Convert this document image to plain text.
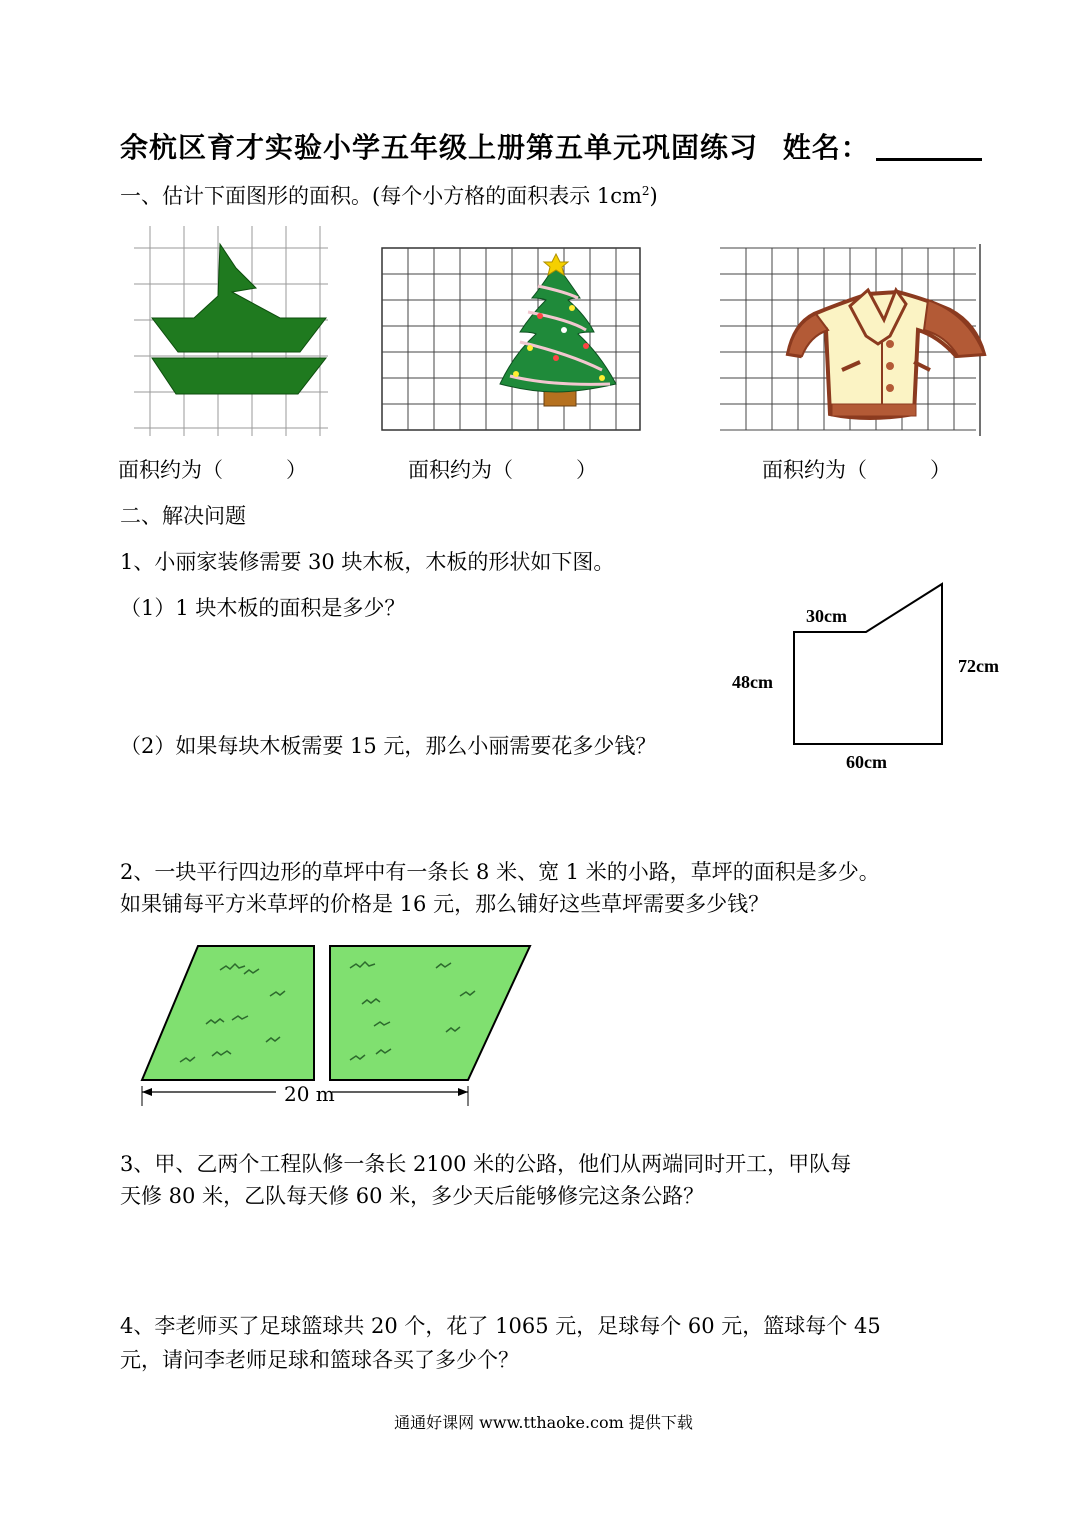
余杭区育才实验小学五年级上册第五单元巩固练习 姓名：
一、估计下面图形的面积。(每个小方格的面积表示 $1cm^2$)
面积约为（　　　）	面积约为（　　　）	面积约为（　　　）
二、解决问题
1、小丽家装修需要 30 块木板，木板的形状如下图。
（1）1 块木板的面积是多少？
（2）如果每块木板需要 15 元，那么小丽需要花多少钱？
30cm
48cm
72cm
60cm
2、一块平行四边形的草坪中有一条长 8 米、宽 1 米的小路，草坪的面积是多少。
如果铺每平方米草坪的价格是 16 元，那么铺好这些草坪需要多少钱？
20 m
3、甲、乙两个工程队修一条长 2100 米的公路，他们从两端同时开工，甲队每
天修 80 米，乙队每天修 60 米，多少天后能够修完这条公路？
4、李老师买了足球篮球共 20 个，花了 1065 元，足球每个 60 元，篮球每个 45
元，请问李老师足球和篮球各买了多少个？
通通好课网 www.tthaoke.com 提供下载
